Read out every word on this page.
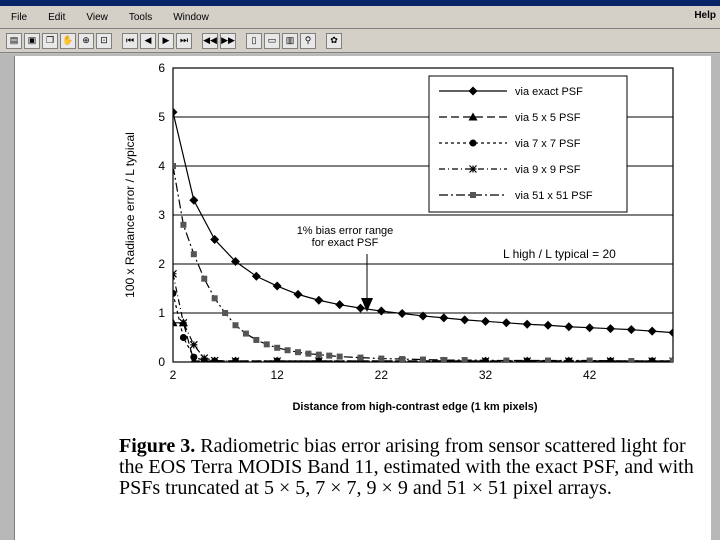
File	Edit	View	Tools	Window	Help
▤	▣	❐ ✋ ⊕	⊡	⏮	◀	▶	⏭	◀◀ ▶▶	▯	▭	▥	⚲	✿
0
1
2
3
4
5
6
2	12	22	32	42
via exact PSF
via 5 x 5 PSF
via 7 x 7 PSF
via 9 x 9 PSF
via 51 x 51 PSF
1% bias error range
for exact PSF
L high / L typical = 20
Distance from high-contrast edge (1 km pixels)
100 x Radiance error / L typical
Figure 3. Radiometric bias error arising from sensor scattered light for the EOS Terra MODIS Band 11, estimated with the exact PSF, and with PSFs truncated at 5 × 5, 7 × 7, 9 × 9 and 51 × 51 pixel arrays.
